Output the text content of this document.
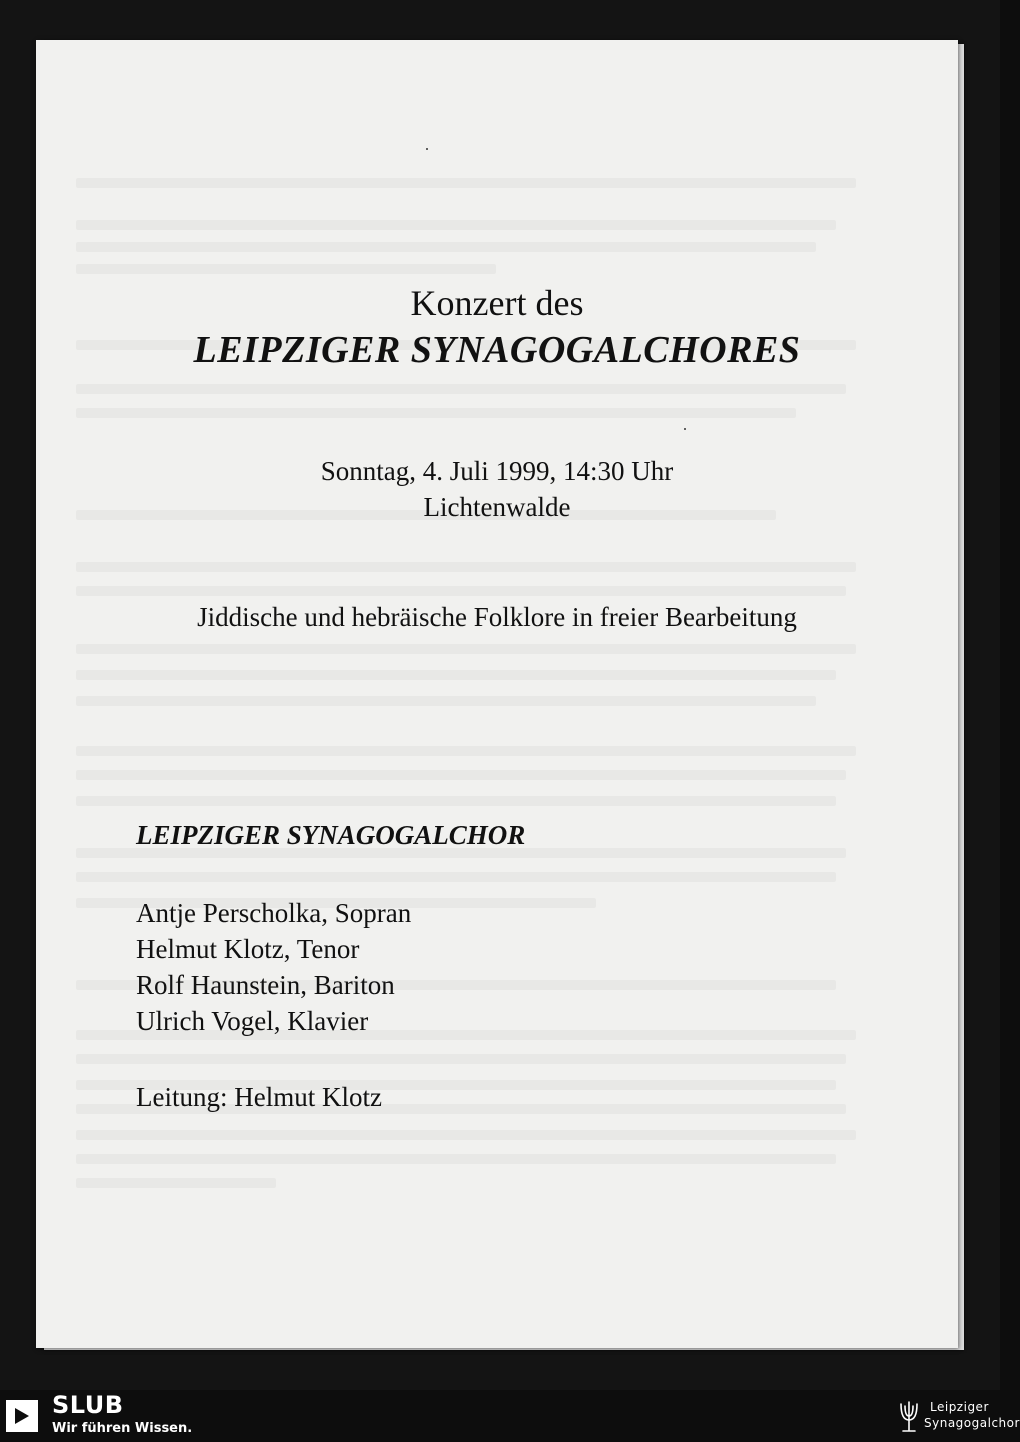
Konzert des
LEIPZIGER SYNAGOGALCHORES
Sonntag, 4. Juli 1999, 14:30 Uhr
Lichtenwalde
Jiddische und hebräische Folklore in freier Bearbeitung
LEIPZIGER SYNAGOGALCHOR
Antje Perscholka, Sopran
Helmut Klotz, Tenor
Rolf Haunstein, Bariton
Ulrich Vogel, Klavier
Leitung: Helmut Klotz
SLUB
Wir führen Wissen.
Leipziger
Synagogalchor
